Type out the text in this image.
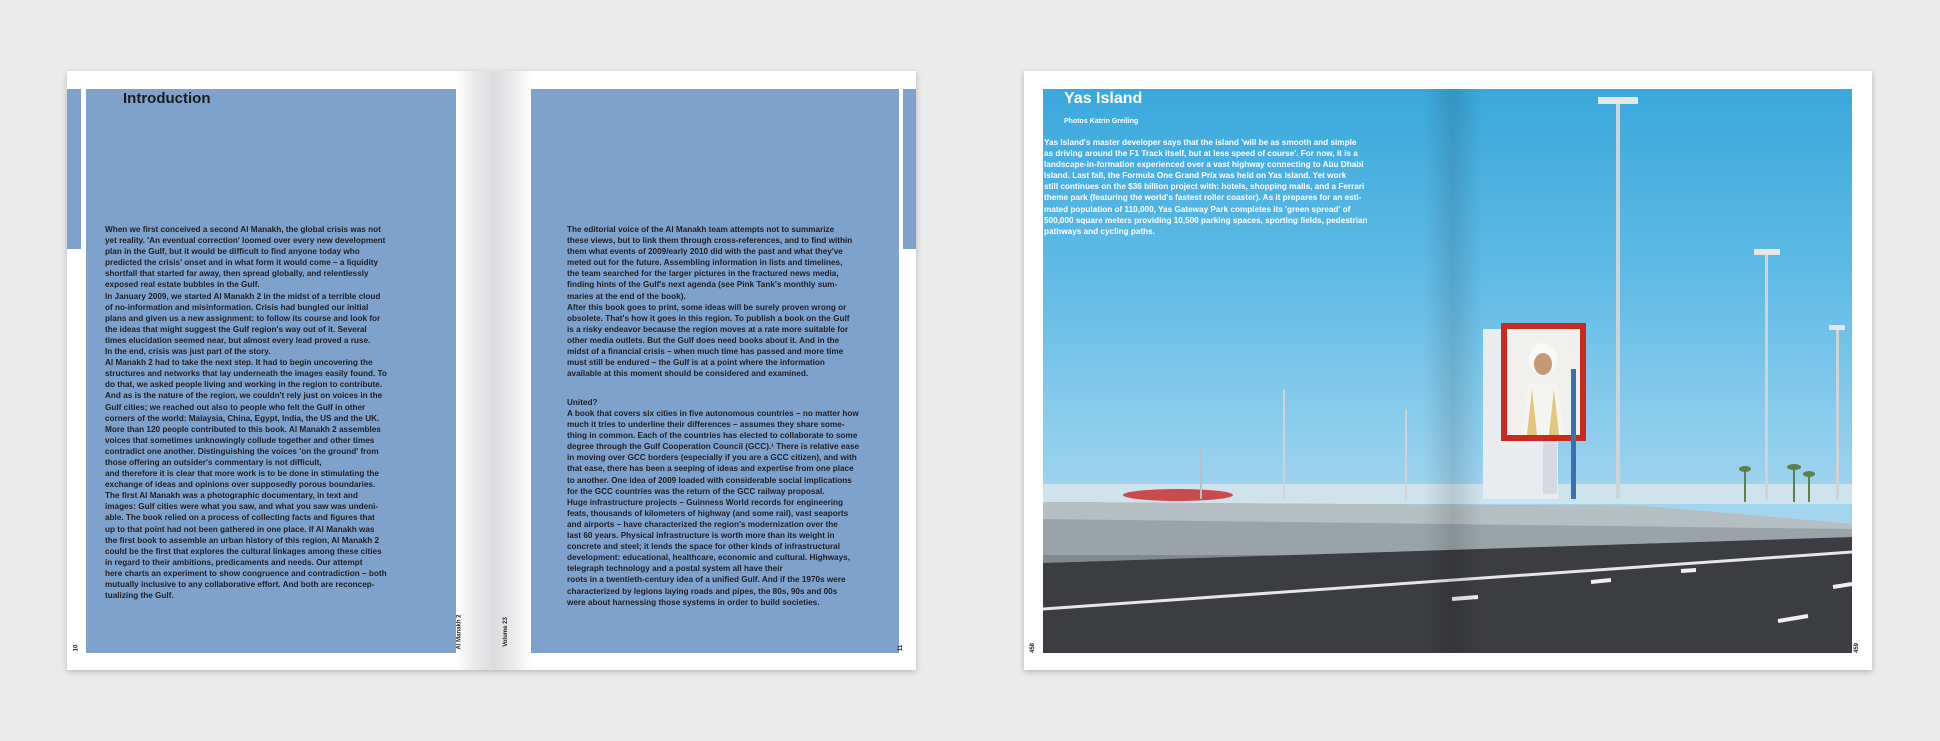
Introduction
When we first conceived a second Al Manakh, the global crisis was not
yet reality. 'An eventual correction' loomed over every new development
plan in the Gulf, but it would be difficult to find anyone today who
predicted the crisis' onset and in what form it would come – a liquidity
shortfall that started far away, then spread globally, and relentlessly
exposed real estate bubbles in the Gulf.
In January 2009, we started Al Manakh 2 in the midst of a terrible cloud
of no-information and misinformation. Crisis had bungled our initial
plans and given us a new assignment: to follow its course and look for
the ideas that might suggest the Gulf region's way out of it. Several
times elucidation seemed near, but almost every lead proved a ruse.
In the end, crisis was just part of the story.
Al Manakh 2 had to take the next step. It had to begin uncovering the
structures and networks that lay underneath the images easily found. To
do that, we asked people living and working in the region to contribute.
And as is the nature of the region, we couldn't rely just on voices in the
Gulf cities; we reached out also to people who felt the Gulf in other
corners of the world: Malaysia, China, Egypt, India, the US and the UK.
More than 120 people contributed to this book. Al Manakh 2 assembles
voices that sometimes unknowingly collude together and other times
contradict one another. Distinguishing the voices 'on the ground' from
those offering an outsider's commentary is not difficult,
and therefore it is clear that more work is to be done in stimulating the
exchange of ideas and opinions over supposedly porous boundaries.
The first Al Manakh was a photographic documentary, in text and
images: Gulf cities were what you saw, and what you saw was undeni-
able. The book relied on a process of collecting facts and figures that
up to that point had not been gathered in one place. If Al Manakh was
the first book to assemble an urban history of this region, Al Manakh 2
could be the first that explores the cultural linkages among these cities
in regard to their ambitions, predicaments and needs. Our attempt
here charts an experiment to show congruence and contradiction – both
mutually inclusive to any collaborative effort. And both are reconcep-
tualizing the Gulf.
10	Al Manakh 2	Volume 23
The editorial voice of the Al Manakh team attempts not to summarize
these views, but to link them through cross-references, and to find within
them what events of 2009/early 2010 did with the past and what they've
meted out for the future. Assembling information in lists and timelines,
the team searched for the larger pictures in the fractured news media,
finding hints of the Gulf's next agenda (see Pink Tank's monthly sum-
maries at the end of the book).
After this book goes to print, some ideas will be surely proven wrong or
obsolete. That's how it goes in this region. To publish a book on the Gulf
is a risky endeavor because the region moves at a rate more suitable for
other media outlets. But the Gulf does need books about it. And in the
midst of a financial crisis – when much time has passed and more time
must still be endured – the Gulf is at a point where the information
available at this moment should be considered and examined.
United?
A book that covers six cities in five autonomous countries – no matter how
much it tries to underline their differences – assumes they share some-
thing in common. Each of the countries has elected to collaborate to some
degree through the Gulf Cooperation Council (GCC).¹ There is relative ease
in moving over GCC borders (especially if you are a GCC citizen), and with
that ease, there has been a seeping of ideas and expertise from one place
to another. One idea of 2009 loaded with considerable social implications
for the GCC countries was the return of the GCC railway proposal.
Huge infrastructure projects – Guinness World records for engineering
feats, thousands of kilometers of highway (and some rail), vast seaports
and airports – have characterized the region's modernization over the
last 60 years. Physical infrastructure is worth more than its weight in
concrete and steel; it lends the space for other kinds of infrastructural
development: educational, healthcare, economic and cultural. Highways,
telegraph technology and a postal system all have their
roots in a twentieth-century idea of a unified Gulf. And if the 1970s were
characterized by legions laying roads and pipes, the 80s, 90s and 00s
were about harnessing those systems in order to build societies.
11
Yas Island
Photos Katrin Greiling
Yas Island's master developer says that the island 'will be as smooth and simple
as driving around the F1 Track itself, but at less speed of course'. For now, it is a
landscape-in-formation experienced over a vast highway connecting to Abu Dhabi
Island. Last fall, the Formula One Grand Prix was held on Yas Island. Yet work
still continues on the $36 billion project with: hotels, shopping malls, and a Ferrari
theme park (featuring the world's fastest roller coaster). As it prepares for an esti-
mated population of 110,000, Yas Gateway Park completes its 'green spread' of
500,000 square meters providing 10,500 parking spaces, sporting fields, pedestrian
pathways and cycling paths.
458	459
